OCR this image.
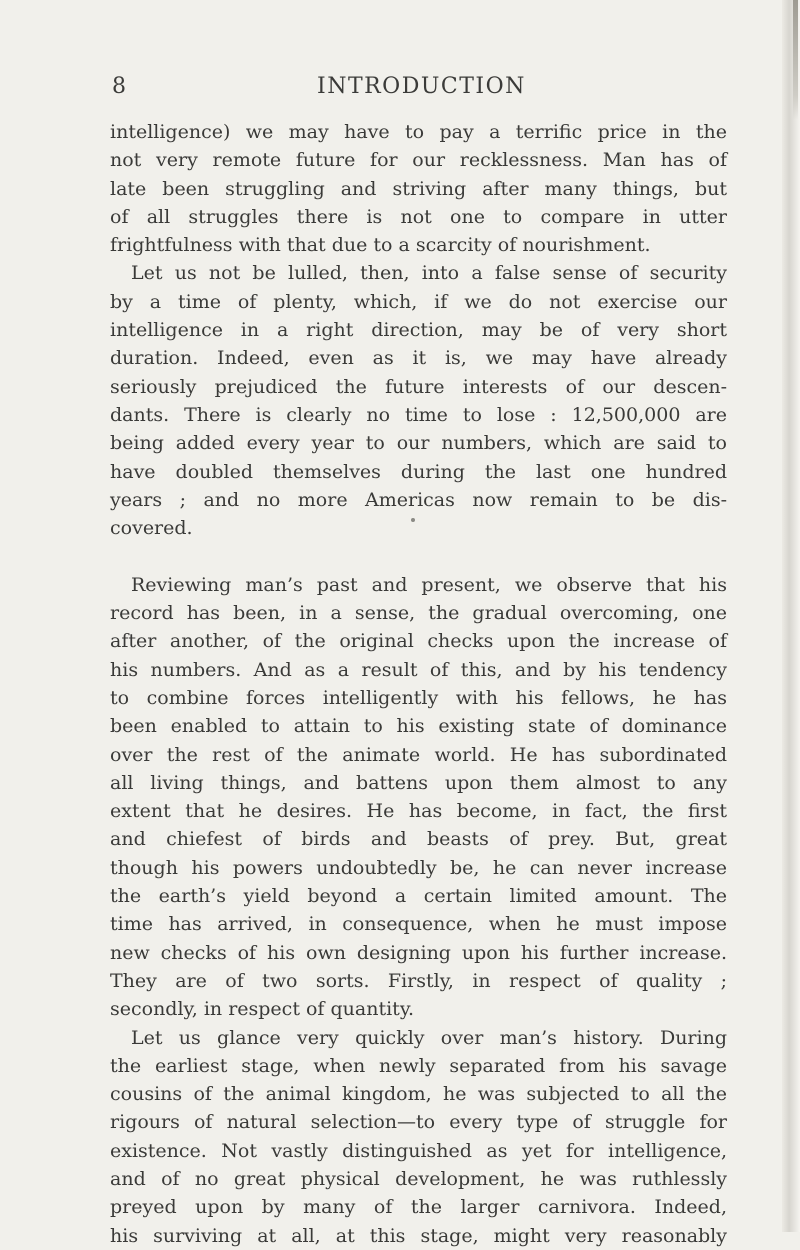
8	INTRODUCTION
intelligence) we may have to pay a terrific price in the
not very remote future for our recklessness. Man has of
late been struggling and striving after many things, but
of all struggles there is not one to compare in utter
frightfulness with that due to a scarcity of nourishment.
Let us not be lulled, then, into a false sense of security
by a time of plenty, which, if we do not exercise our
intelligence in a right direction, may be of very short
duration. Indeed, even as it is, we may have already
seriously prejudiced the future interests of our descen-
dants. There is clearly no time to lose : 12,500,000 are
being added every year to our numbers, which are said to
have doubled themselves during the last one hundred
years ; and no more Americas now remain to be dis-
covered.
Reviewing man’s past and present, we observe that his
record has been, in a sense, the gradual overcoming, one
after another, of the original checks upon the increase of
his numbers. And as a result of this, and by his tendency
to combine forces intelligently with his fellows, he has
been enabled to attain to his existing state of dominance
over the rest of the animate world. He has subordinated
all living things, and battens upon them almost to any
extent that he desires. He has become, in fact, the first
and chiefest of birds and beasts of prey. But, great
though his powers undoubtedly be, he can never increase
the earth’s yield beyond a certain limited amount. The
time has arrived, in consequence, when he must impose
new checks of his own designing upon his further increase.
They are of two sorts. Firstly, in respect of quality ;
secondly, in respect of quantity.
Let us glance very quickly over man’s history. During
the earliest stage, when newly separated from his savage
cousins of the animal kingdom, he was subjected to all the
rigours of natural selection—to every type of struggle for
existence. Not vastly distinguished as yet for intelligence,
and of no great physical development, he was ruthlessly
preyed upon by many of the larger carnivora. Indeed,
his surviving at all, at this stage, might very reasonably
